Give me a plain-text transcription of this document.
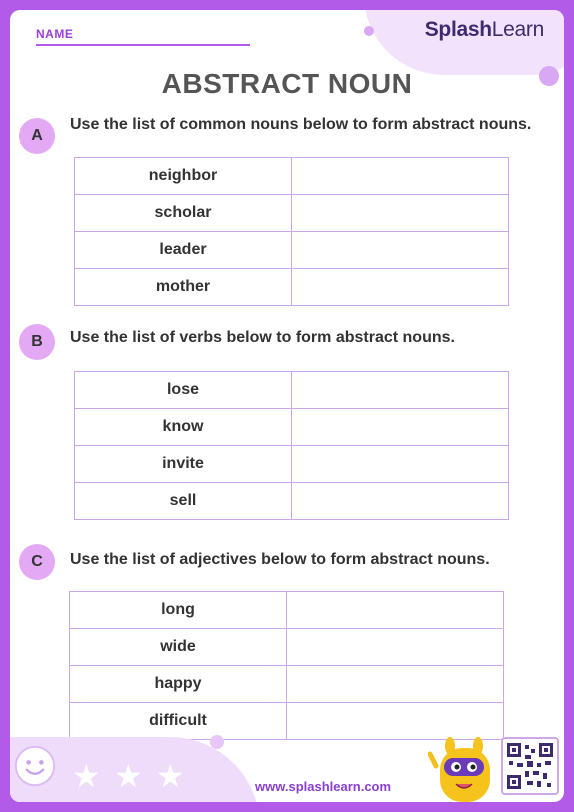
NAME	SplashLearn
ABSTRACT NOUN
A
Use the list of common nouns below to form abstract nouns.
neighbor	
scholar	
leader	
mother	
B	Use the list of verbs below to form abstract nouns.
lose	
know	
invite	
sell	
C	Use the list of adjectives below to form abstract nouns.
long	
wide	
happy	
difficult	
★ ★ ★	www.splashlearn.com
